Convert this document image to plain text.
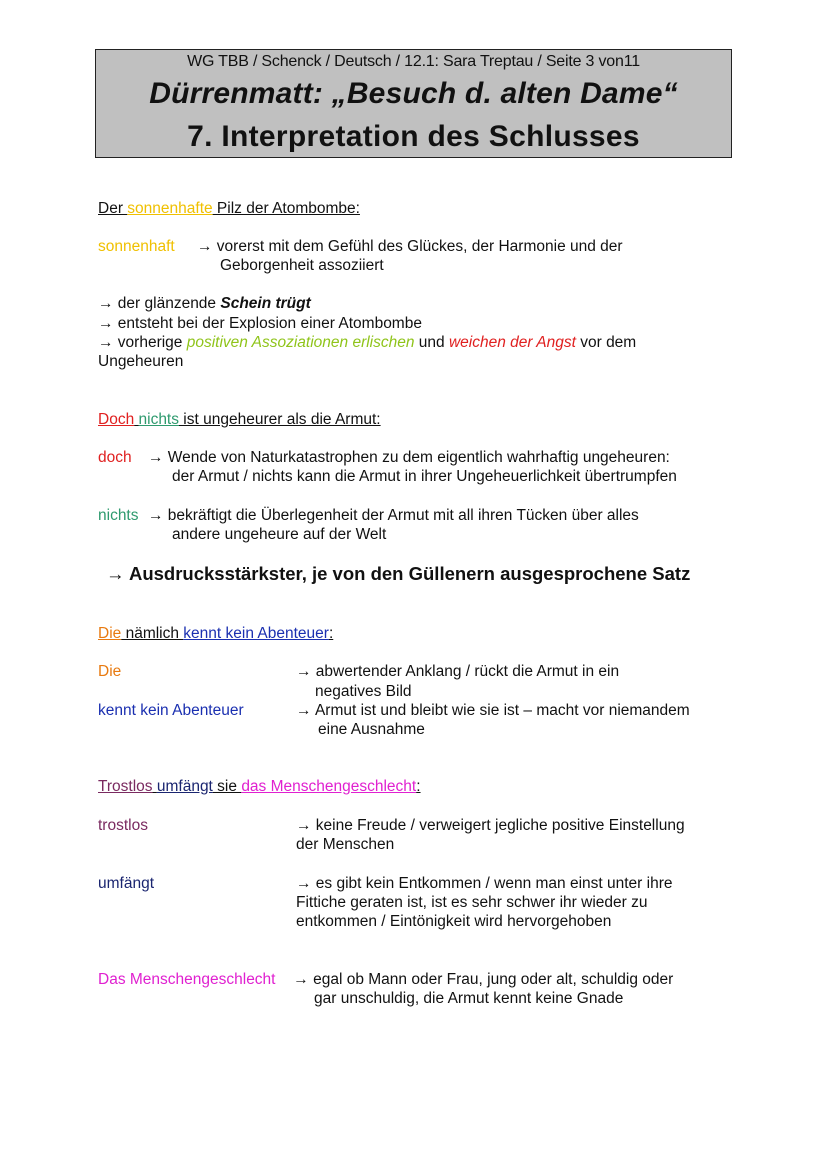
WG TBB / Schenck / Deutsch / 12.1: Sara Treptau / Seite 3 von11
Dürrenmatt: „Besuch d. alten Dame“
7. Interpretation des Schlusses
Der sonnenhafte Pilz der Atombombe:
sonnenhaft → vorerst mit dem Gefühl des Glückes, der Harmonie und der
Geborgenheit assoziiert
→ der glänzende Schein trügt
→ entsteht bei der Explosion einer Atombombe
→ vorherige positiven Assoziationen erlischen und weichen der Angst vor dem
Ungeheuren
Doch nichts ist ungeheurer als die Armut:
doch → Wende von Naturkatastrophen zu dem eigentlich wahrhaftig ungeheuren:
der Armut / nichts kann die Armut in ihrer Ungeheuerlichkeit übertrumpfen
nichts → bekräftigt die Überlegenheit der Armut mit all ihren Tücken über alles
andere ungeheure auf der Welt
→ Ausdrucksstärkster, je von den Güllenern ausgesprochene Satz
Die nämlich kennt kein Abenteuer:
Die	→ abwertender Anklang / rückt die Armut in ein
negatives Bild
kennt kein Abenteuer	→ Armut ist und bleibt wie sie ist – macht vor niemandem
eine Ausnahme
Trostlos umfängt sie das Menschengeschlecht:
trostlos	→ keine Freude / verweigert jegliche positive Einstellung
der Menschen
umfängt	→ es gibt kein Entkommen / wenn man einst unter ihre
Fittiche geraten ist, ist es sehr schwer ihr wieder zu
entkommen / Eintönigkeit wird hervorgehoben
Das Menschengeschlecht → egal ob Mann oder Frau, jung oder alt, schuldig oder
gar unschuldig, die Armut kennt keine Gnade
